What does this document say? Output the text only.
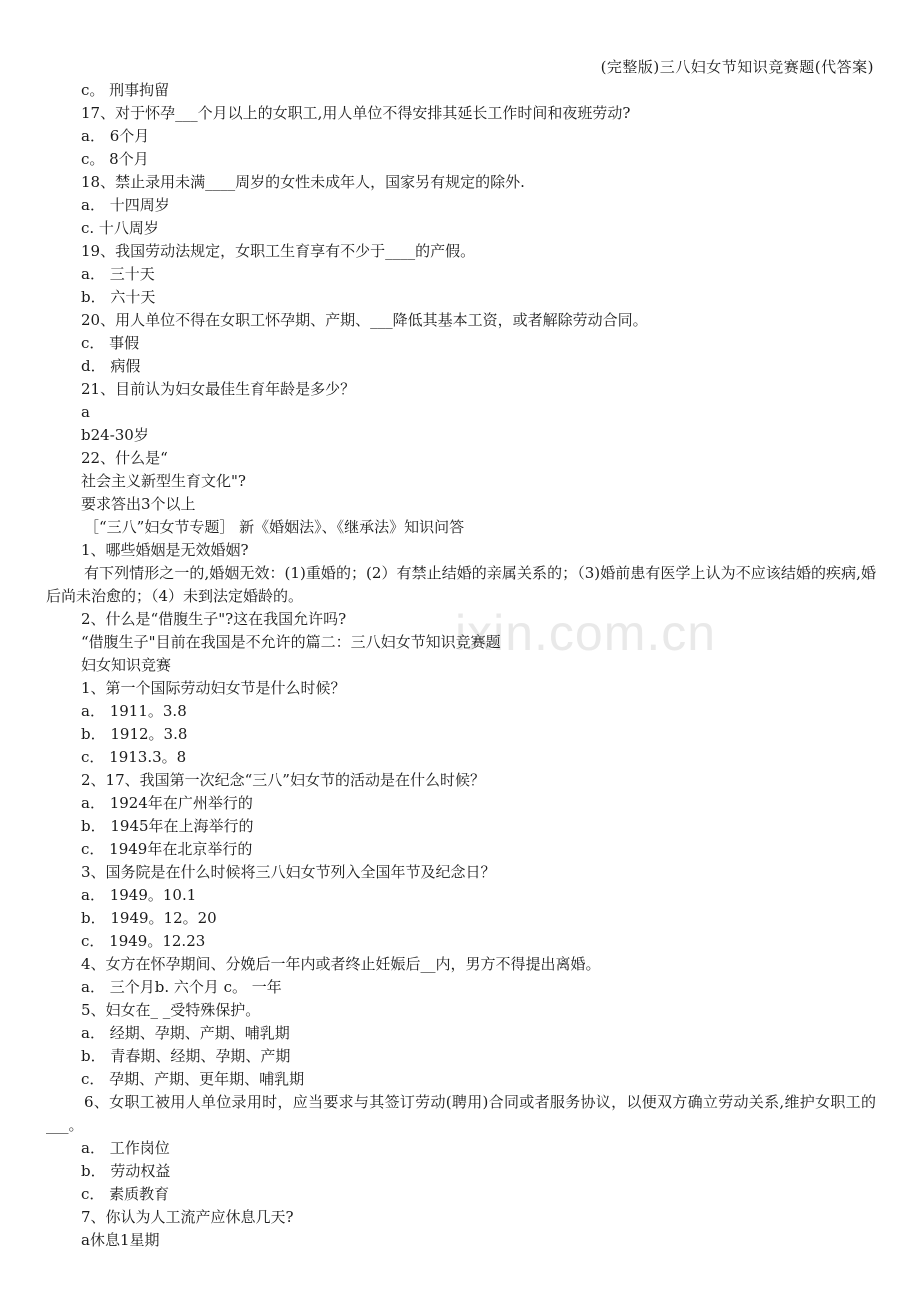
(完整版)三八妇女节知识竞赛题(代答案)
ixin.com.cn
c。 刑事拘留
17、对于怀孕___个月以上的女职工,用人单位不得安排其延长工作时间和夜班劳动?
a． 6个月
c。 8个月
18、禁止录用未满____周岁的女性未成年人，国家另有规定的除外.
a． 十四周岁
c. 十八周岁
19、我国劳动法规定，女职工生育享有不少于____的产假。
a． 三十天
b． 六十天
20、用人单位不得在女职工怀孕期、产期、___降低其基本工资，或者解除劳动合同。
c． 事假
d． 病假
21、目前认为妇女最佳生育年龄是多少？
a
b24-30岁
22、什么是“
社会主义新型生育文化"?
要求答出3个以上
［“三八”妇女节专题］ 新《婚姻法》、《继承法》知识问答
1、哪些婚姻是无效婚姻?
有下列情形之一的,婚姻无效：(1)重婚的；(2）有禁止结婚的亲属关系的；（3)婚前患有医学上认为不应该结婚的疾病,婚后尚未治愈的；（4）未到法定婚龄的。
2、什么是“借腹生子"?这在我国允许吗?
“借腹生子"目前在我国是不允许的篇二：三八妇女节知识竞赛题
妇女知识竞赛
1、第一个国际劳动妇女节是什么时候？
a． 1911。3.8
b． 1912。3.8
c． 1913.3。8
2、17、我国第一次纪念“三八”妇女节的活动是在什么时候？
a． 1924年在广州举行的
b． 1945年在上海举行的
c． 1949年在北京举行的
3、国务院是在什么时候将三八妇女节列入全国年节及纪念日？
a． 1949。10.1
b． 1949。12。20
c． 1949。12.23
4、女方在怀孕期间、分娩后一年内或者终止妊娠后__内，男方不得提出离婚。
a． 三个月b. 六个月 c。 一年
5、妇女在_ _受特殊保护。
a． 经期、孕期、产期、哺乳期
b． 青春期、经期、孕期、产期
c． 孕期、产期、更年期、哺乳期
6、女职工被用人单位录用时，应当要求与其签订劳动(聘用)合同或者服务协议，以便双方确立劳动关系,维护女职工的___。
a． 工作岗位
b． 劳动权益
c． 素质教育
7、你认为人工流产应休息几天?
a休息1星期
